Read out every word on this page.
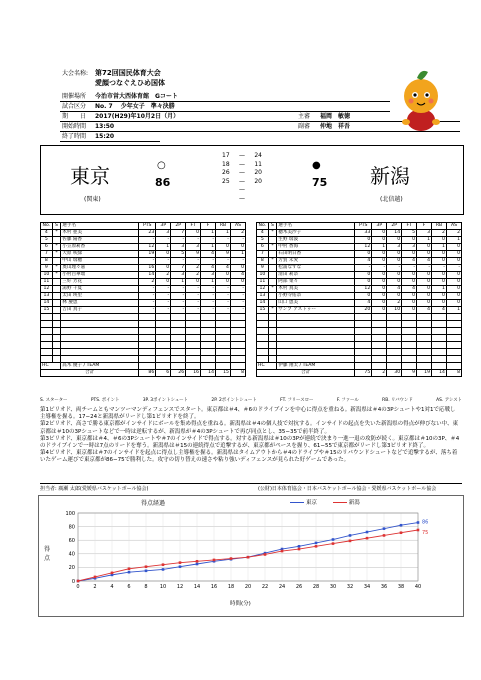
大会名称: 第72回国民体育大会
愛顔つなぐえひめ国体
開催場所 今治市営大西体育館　Gコート
試合区分 No. 7　 少年女子　準々決勝
期　　日 2017(H29)年10月2日（月）	主審 福岡　敏徳
開始時間 13:50	副審 仲地　祥吾
終了時間 15:20
東京
(関東)
○
86
17 — 24
18 — 11
26 — 20
25 — 20
—
—
●
75 新潟
(北信越)
No.	S	選手名	PTS	3P	2P	FT	F	RB	AS
4	*	木村 亜美	23	3	7	0	1	1	2
5		佐藤 陽香	-	-	-	-	-	-	-
6	*	小笠原莉香	12	1	3	3	1	0	0
7	*	大原 咲緑	19	0	5	9	4	9	1
8		中山 瑞穂	-	-	-	-	-	-	-
9	*	奥山理々嘉	16	0	7	2	4	4	0
10	*	小村百華瑠	14	2	3	2	3	0	4
11		三好 芳花	2	0	1	0	1	0	0
12		湯野 千夏	-	-	-	-	-	-	-
13		太田 瑛里	-	-	-	-	-	-	-
14		林 慶恵	-	-	-	-	-	-	-
15		吉田 真子	-	-	-	-	-	-	-

HC		髙木 優子 / TEAM							
合計			86	6	26	16	14	15	8
No.	S	選手名	PTS	3P	2P	FT	F	RB	AS
4	*	穂木美沙子	33	0	14	5	3	2	2
5		生野 瑞波	0	0	0	0	1	0	1
6	*	中村 香海	12	1	3	3	0	1	0
7		石田明日香	0	0	0	0	0	0	0
8	*	芳賀 未愛	4	0	0	4	4	0	0
9		松浦なずな	-	-	-	-	-	-	-
10		清田 莉奈	0	0	0	0	0	0	0
11		阿部 菜々	0	0	0	0	0	0	0
12	*	木村 真美	12	0	4	4	0	1	0
13		小野寺佑奈	0	0	0	0	0	0	0
14		山口 恵美	4	0	2	0	0	0	0
15	*	サンプ アストゥー	20	0	10	0	4	4	1

HC		伊藤 翔太 / TEAM							
合計			75	2	30	9	19	14	8
S. スターター	PTS. ポイント	3P. 3ポイントシュート	2P. 2ポイントシュート	FT. フリースロー	F. ファール	RB. リバウンド	AS. アシスト
第1ピリオド、両チームともマンツーマンディフェンスでスタート。東京都は＃4、＃6のドライブインを中心に得点を重ねる。新潟県は＃4の3Pシュートや1対1で応戦し主導権を握る。17−24と新潟県がリードし第1ピリオドを終了。
第2ピリオド、高さで勝る東京都がインサイドにボールを集め得点を重ねる。新潟県は＃4の個人技で対抗する。インサイドの起点を失いた新潟県の得点が伸びない中、東京都は＃10の3Pシュートなどで一時は逆転するが、新潟県が＃4の3Pシュートで再び同点とし、35−35で前半終了。
第3ピリオド、東京都は＃4、＃6の3Pシュートや＃7のインサイドで得点する。対する新潟県は＃10の3Pが連続で決まり一進一退の攻防が続く。東京都は＃10の3P、＃4のドライブインで一時は7点のリードを奪う。新潟県は＃15の連続得点で追撃するが、東京都がペースを握り、61−55で東京都がリードし第3ピリオド終了。
第4ピリオド、東京都は＃7のインサイドを起点に得点し主導権を握る。新潟県はタイムアウトから＃4のドライブや＃15のリバウンドシュートなどで追撃するが、落ち着いたゲーム運びで東京都が86−75で勝利した。攻守の切り替えの速さや粘り強いディフェンスが見られた好ゲームであった。
担当者: 廣瀬 太郎(愛媛県バスケットボール協会)	(公財)日本体育協会・日本バスケットボール協会・愛媛県バスケットボール協会
得点経過	東京	新潟
得点
時間(分)
0
20
40
60
80
100
0	2	4	6	8 10 12 14 16 18 20 22 24 26 28 30 32 34 36 38 40
86
75
